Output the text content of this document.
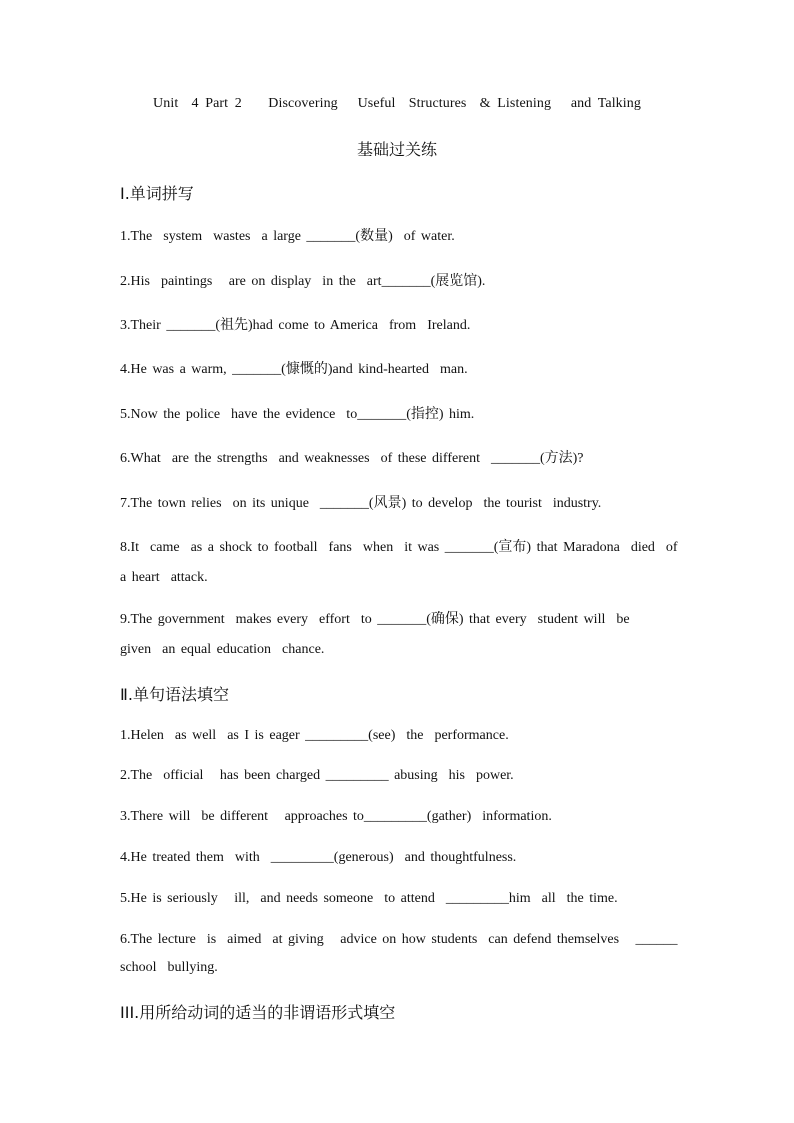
Unit  4 Part 2    Discovering   Useful  Structures  & Listening   and Talking
基础过关练
Ⅰ.单词拼写
1.The  system  wastes  a large _______(数量)  of water.
2.His  paintings   are on display  in the  art_______(展览馆).
3.Their _______(祖先)had come to America  from  Ireland.
4.He was a warm, _______(慷慨的)and kind-hearted  man.
5.Now the police  have the evidence  to_______(指控) him.
6.What  are the strengths  and weaknesses  of these different  _______(方法)?
7.The town relies  on its unique  _______(风景) to develop  the tourist  industry.
8.It  came  as a shock to football  fans  when  it was _______(宣布) that Maradona  died  of
a heart  attack.
9.The government  makes every  effort  to _______(确保) that every  student will  be
given  an equal education  chance.
Ⅱ.单句语法填空
1.Helen  as well  as I is eager _________(see)  the  performance.
2.The  official   has been charged _________ abusing  his  power.
3.There will  be different   approaches to_________(gather)  information.
4.He treated them  with  _________(generous)  and thoughtfulness.
5.He is seriously   ill,  and needs someone  to attend  _________him  all  the time.
6.The lecture  is  aimed  at giving   advice on how students  can defend themselves   ______
school  bullying.
III.用所给动词的适当的非谓语形式填空
